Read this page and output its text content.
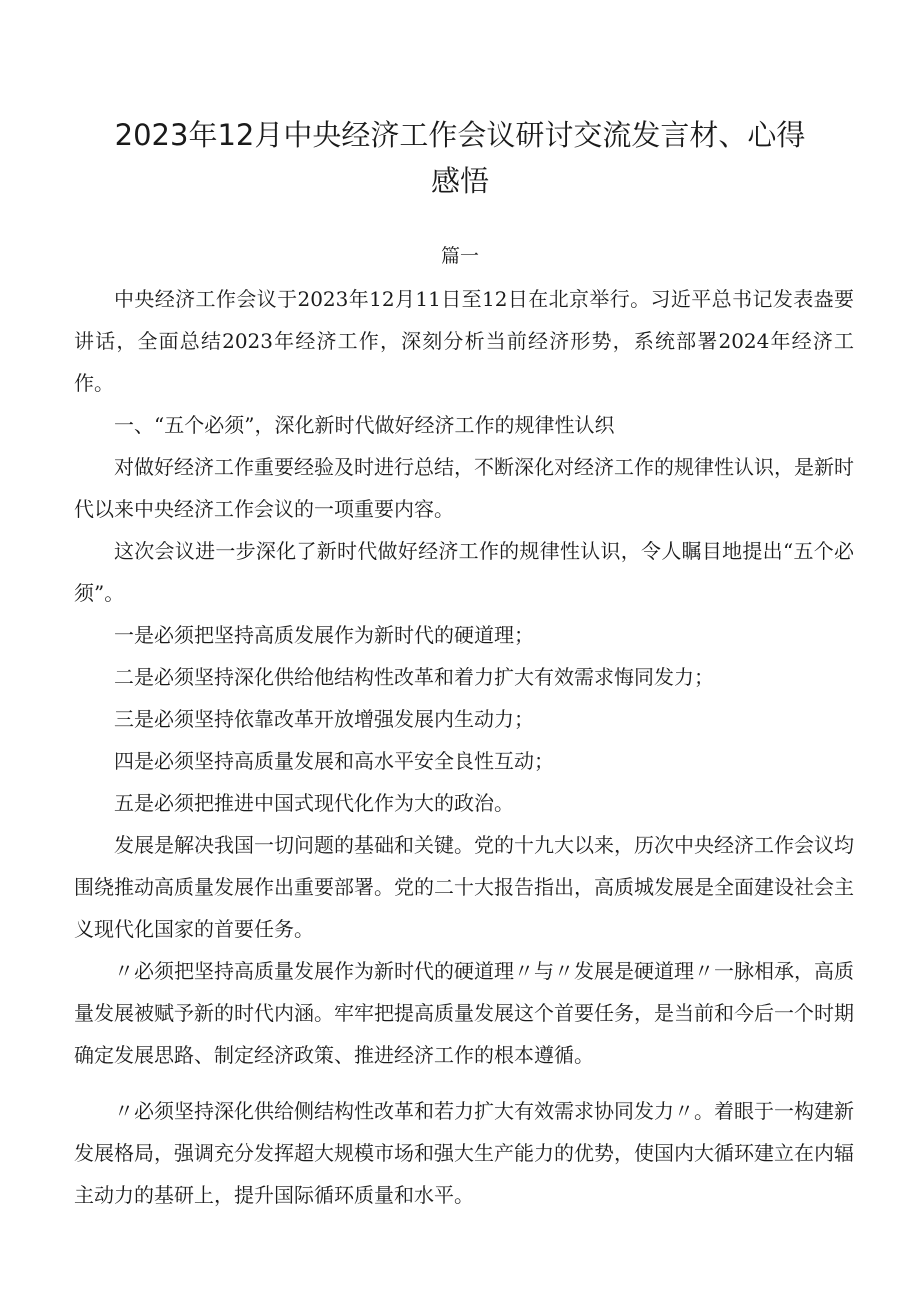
2023年12月中央经济工作会议研讨交流发言材、心得
感悟

篇一

中央经济工作会议于2023年12月11日至12日在北京举行。习近平总书记发表盎要讲话，全面总结2023年经济工作，深刻分析当前经济形势，系统部署2024年经济工作。

一、“五个必须”，深化新时代做好经济工作的规律性认织

对做好经济工作重要经验及时进行总结，不断深化对经济工作的规律性认识，是新时代以来中央经济工作会议的一项重要内容。

这次会议进一步深化了新时代做好经济工作的规律性认识，令人瞩目地提出“五个必须”。

一是必须把坚持高质发展作为新时代的硬道理；

二是必须坚持深化供给他结构性改革和着力扩大有效需求悔同发力；

三是必须坚持依靠改革开放增强发展内生动力；

四是必须坚持高质量发展和高水平安全良性互动；

五是必须把推进中国式现代化作为大的政治。

发展是解决我国一切问题的基础和关键。党的十九大以来，历次中央经济工作会议均围绕推动高质量发展作出重要部署。党的二十大报告指出，高质城发展是全面建设社会主义现代化国家的首要任务。

〃必须把坚持高质量发展作为新时代的硬道理〃与〃发展是硬道理〃一脉相承，高质量发展被赋予新的时代内涵。牢牢把提高质量发展这个首要任务，是当前和今后一个时期确定发展思路、制定经济政策、推进经济工作的根本遵循。

〃必须坚持深化供给侧结构性改革和若力扩大有效需求协同发力〃。着眼于一构建新发展格局，强调充分发挥超大规模市场和强大生产能力的优势，使国内大循环建立在内辐主动力的基研上，提升国际循环质量和水平。
